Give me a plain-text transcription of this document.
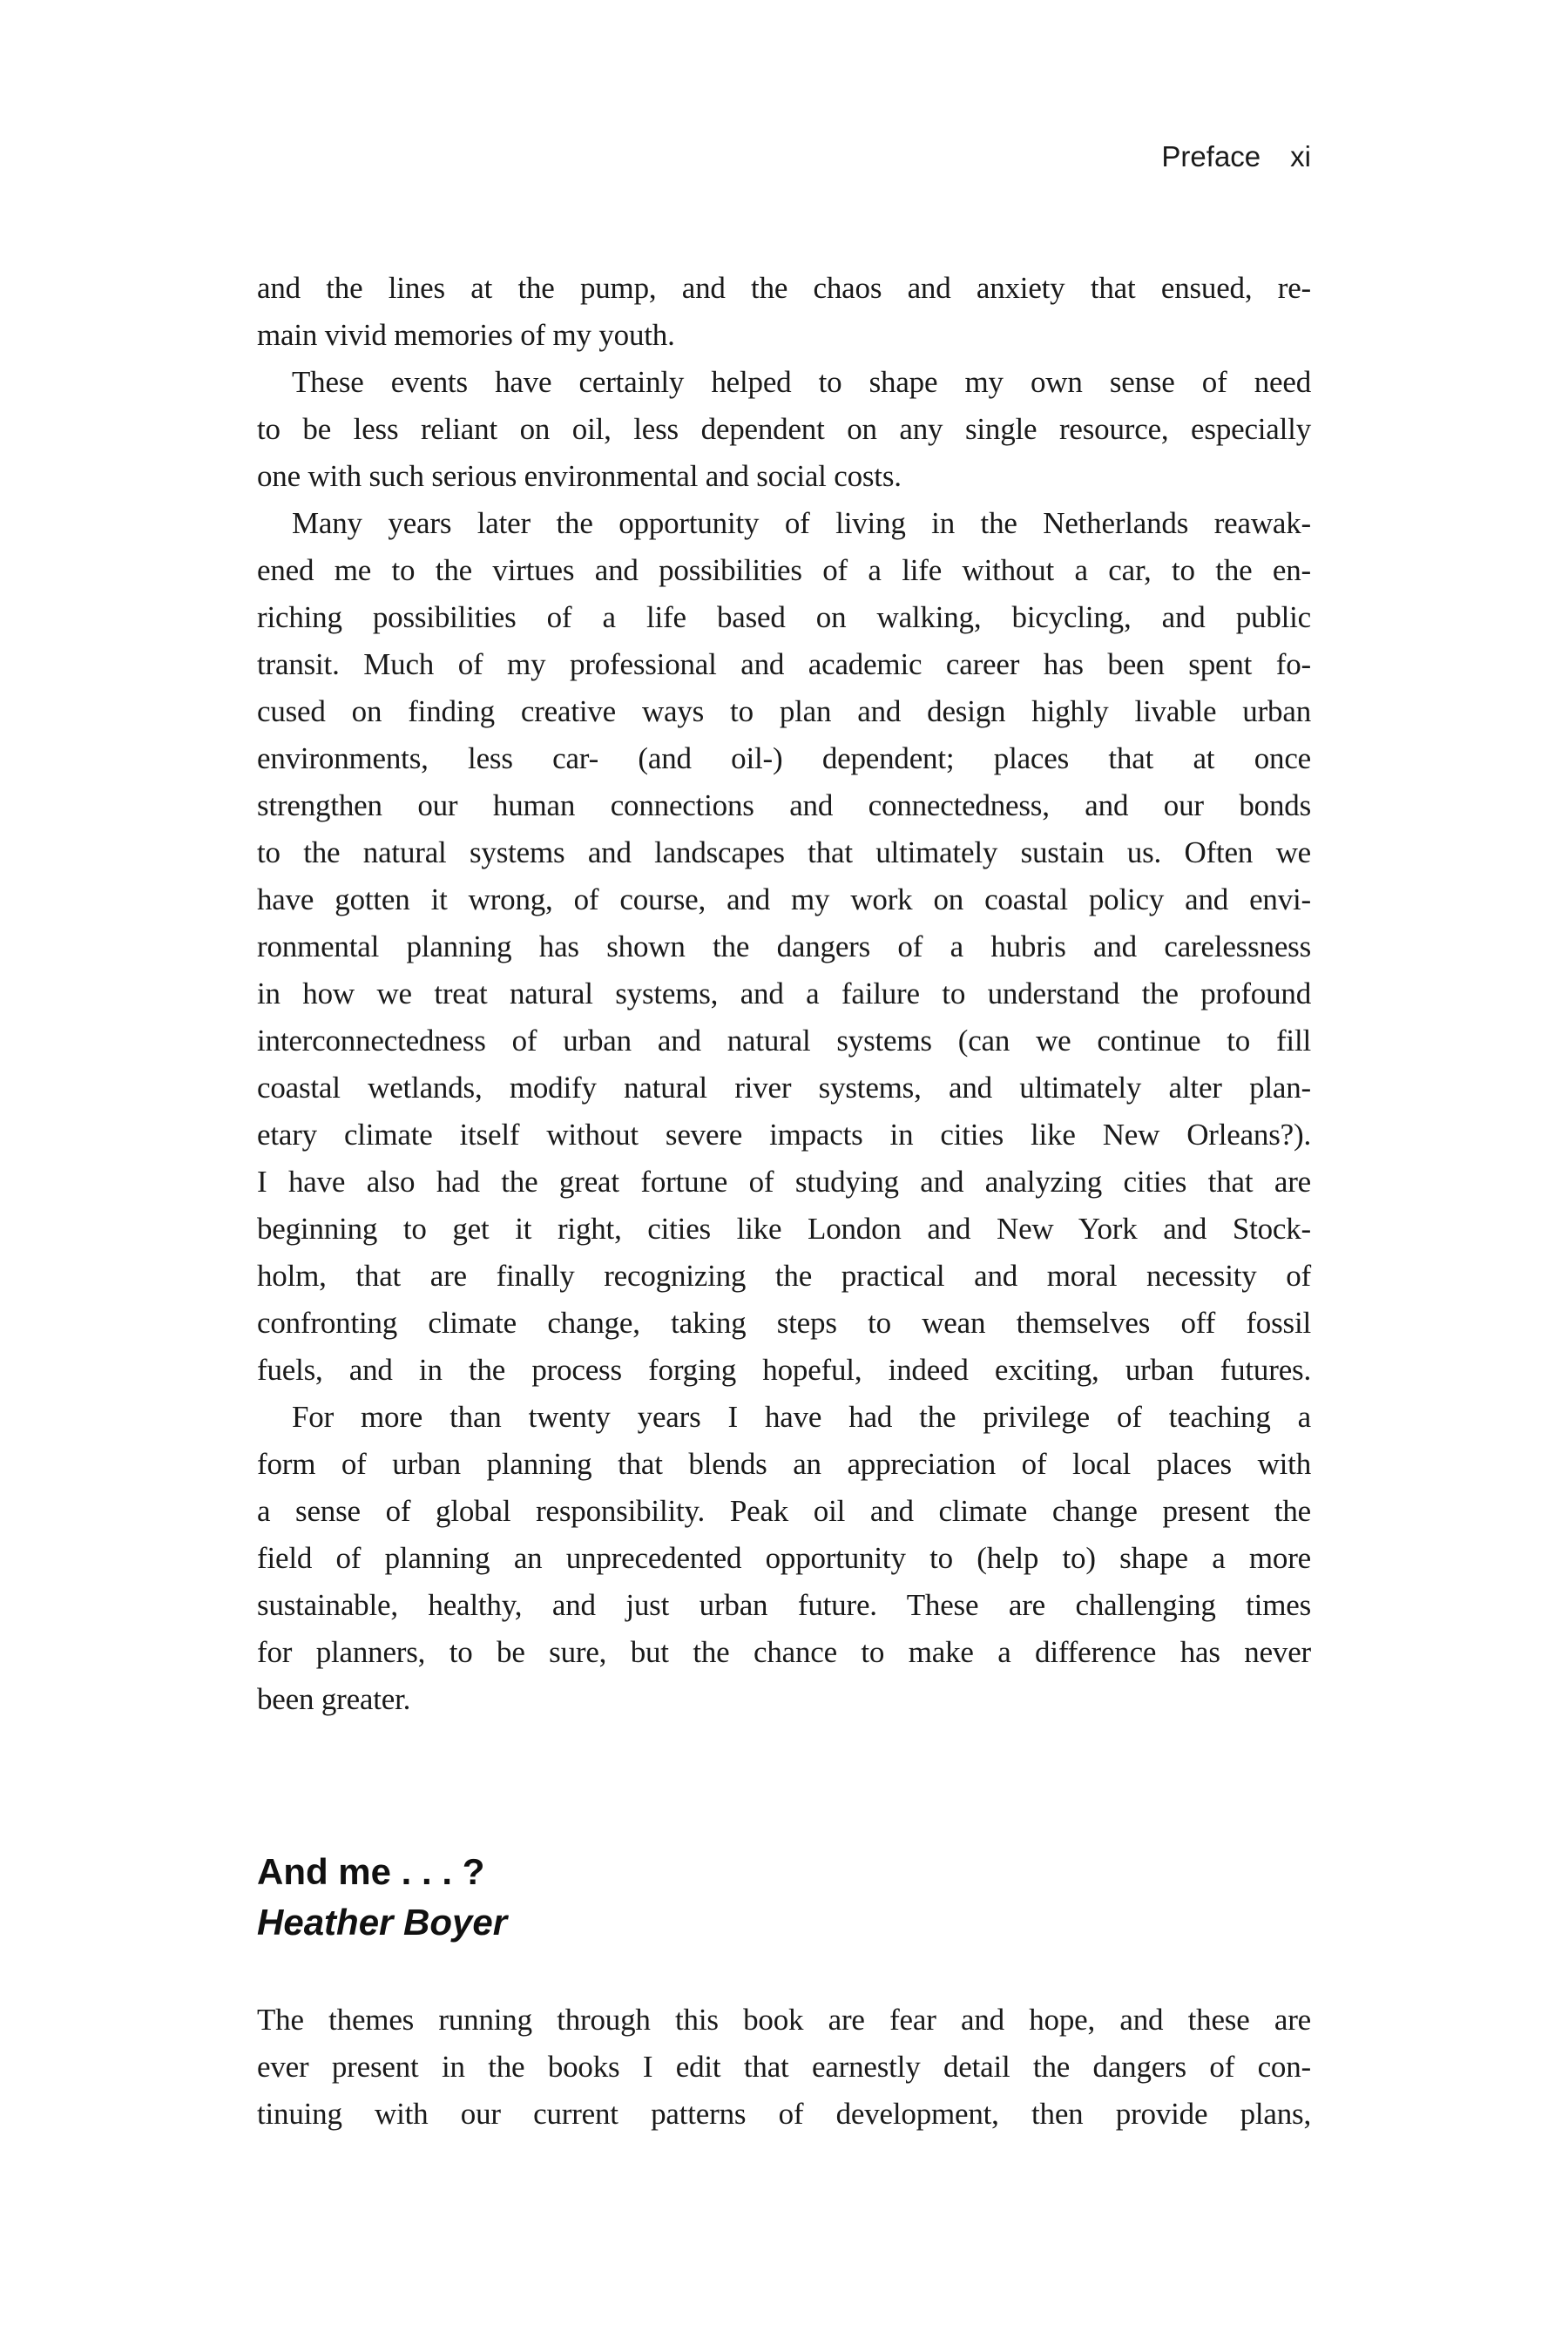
Preface xi
and the lines at the pump, and the chaos and anxiety that ensued, re-
main vivid memories of my youth.
These events have certainly helped to shape my own sense of need
to be less reliant on oil, less dependent on any single resource, especially
one with such serious environmental and social costs.
Many years later the opportunity of living in the Netherlands reawak-
ened me to the virtues and possibilities of a life without a car, to the en-
riching possibilities of a life based on walking, bicycling, and public
transit. Much of my professional and academic career has been spent fo-
cused on finding creative ways to plan and design highly livable urban
environments, less car- (and oil-) dependent; places that at once
strengthen our human connections and connectedness, and our bonds
to the natural systems and landscapes that ultimately sustain us. Often we
have gotten it wrong, of course, and my work on coastal policy and envi-
ronmental planning has shown the dangers of a hubris and carelessness
in how we treat natural systems, and a failure to understand the profound
interconnectedness of urban and natural systems (can we continue to fill
coastal wetlands, modify natural river systems, and ultimately alter plan-
etary climate itself without severe impacts in cities like New Orleans?).
I have also had the great fortune of studying and analyzing cities that are
beginning to get it right, cities like London and New York and Stock-
holm, that are finally recognizing the practical and moral necessity of
confronting climate change, taking steps to wean themselves off fossil
fuels, and in the process forging hopeful, indeed exciting, urban futures.
For more than twenty years I have had the privilege of teaching a
form of urban planning that blends an appreciation of local places with
a sense of global responsibility. Peak oil and climate change present the
field of planning an unprecedented opportunity to (help to) shape a more
sustainable, healthy, and just urban future. These are challenging times
for planners, to be sure, but the chance to make a difference has never
been greater.
And me . . . ?
Heather Boyer
The themes running through this book are fear and hope, and these are
ever present in the books I edit that earnestly detail the dangers of con-
tinuing with our current patterns of development, then provide plans,
